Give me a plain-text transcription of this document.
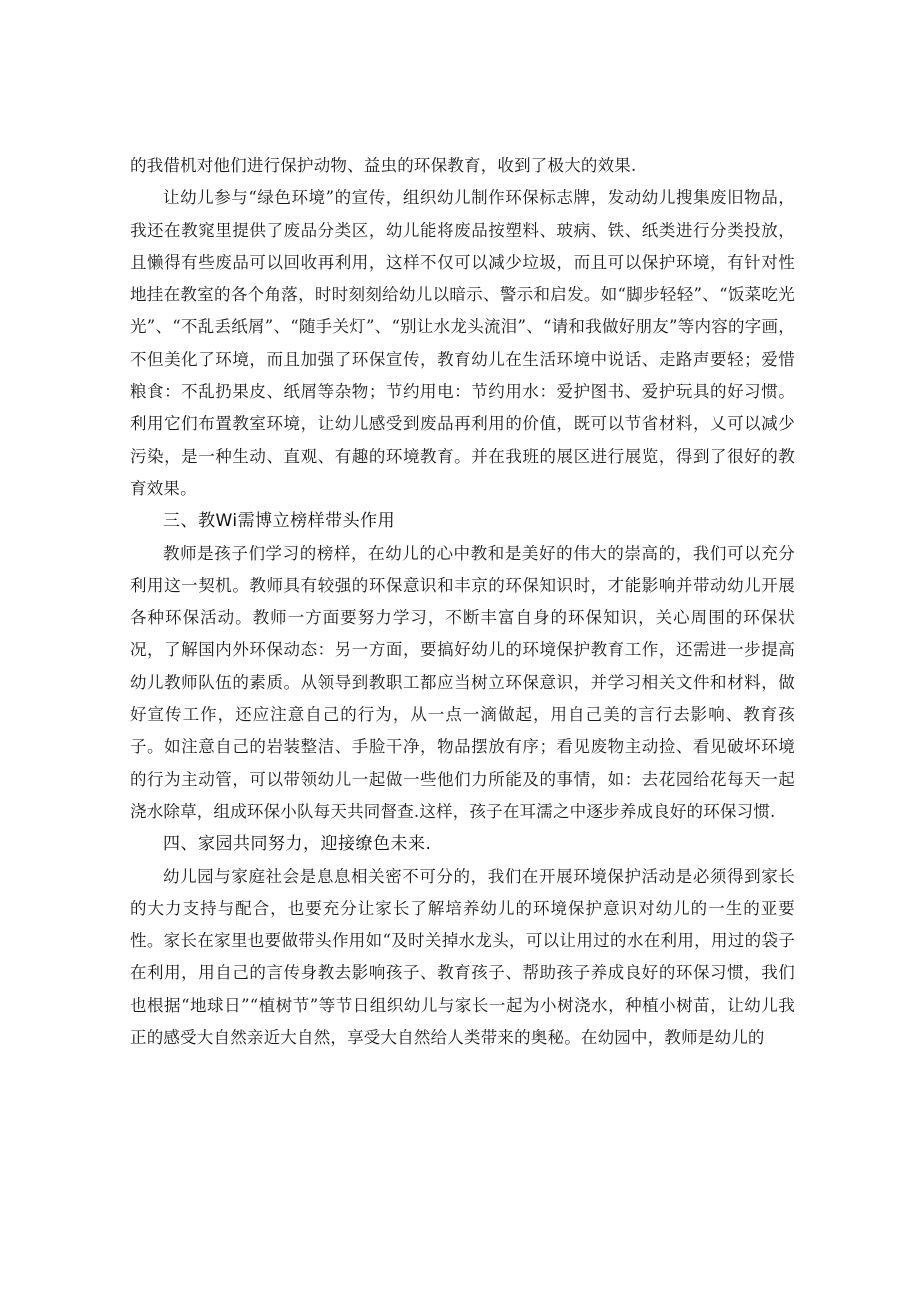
的我借机对他们进行保护动物、益虫的环保教育，收到了极大的效果.

让幼儿参与“绿色环境”的宣传，组织幼儿制作环保标志牌，发动幼儿搜集废旧物品，我还在教窕里提供了废品分类区，幼儿能将废品按塑料、玻病、铁、纸类进行分类投放，且懒得有些废品可以回收再利用，这样不仅可以减少垃圾，而且可以保护环境，有针对性地挂在教室的各个角落，时时刻刻给幼儿以暗示、警示和启发。如“脚步轻轻”、“饭菜吃光光”、“不乱丢纸屑”、“随手关灯”、“别让水龙头流泪”、“请和我做好朋友”等内容的字画，不但美化了环境，而且加强了环保宣传，教育幼儿在生活环境中说话、走路声要轻；爱惜粮食：不乱扔果皮、纸屑等杂物；节约用电：节约用水：爱护图书、爱护玩具的好习惯。利用它们布置教室环境，让幼儿感受到废品再利用的价值，既可以节省材料，乂可以减少污染，是一种生动、直观、有趣的环境教育。并在我班的展区进行展览，得到了很好的教育效果。

三、教Wi需博立榜样带头作用

教师是孩子们学习的榜样，在幼儿的心中教和是美好的伟大的崇高的，我们可以充分利用这一契机。教师具有较强的环保意识和丰京的环保知识时，才能影响并带动幼儿开展各种环保活动。教师一方面要努力学习，不断丰富自身的环保知识，关心周围的环保状况，了解国内外环保动态：另一方面，要搞好幼儿的环境保护教育工作，还需进一步提高幼儿教师队伍的素质。从领导到教职工都应当树立环保意识，并学习相关文件和材料，做好宣传工作，还应注意自己的行为，从一点一滴做起，用自己美的言行去影响、教育孩子。如注意自己的岩装整洁、手脸干净，物品摆放有序；看见废物主动捡、看见破坏环境的行为主动管，可以带领幼儿一起做一些他们力所能及的事情，如：去花园给花每天一起浇水除草，组成环保小队每天共同督查.这样，孩子在耳濡之中逐步养成良好的环保习惯.

四、家园共同努力，迎接缭色未来.

幼儿园与家庭社会是息息相关密不可分的，我们在开展环境保护活动是必须得到家长的大力支持与配合，也要充分让家长了解培养幼儿的环境保护意识对幼儿的一生的亚要性。家长在家里也要做带头作用如“及时关掉水龙头，可以让用过的水在利用，用过的袋子在利用，用自己的言传身教去影响孩子、教育孩子、帮助孩子养成良好的环保习惯，我们也根据“地球日”“植树节”等节日组织幼儿与家长一起为小树浇水，种植小树苗，让幼儿我正的感受大自然亲近大自然，享受大自然给人类带来的奥秘。在幼园中，教师是幼儿的
